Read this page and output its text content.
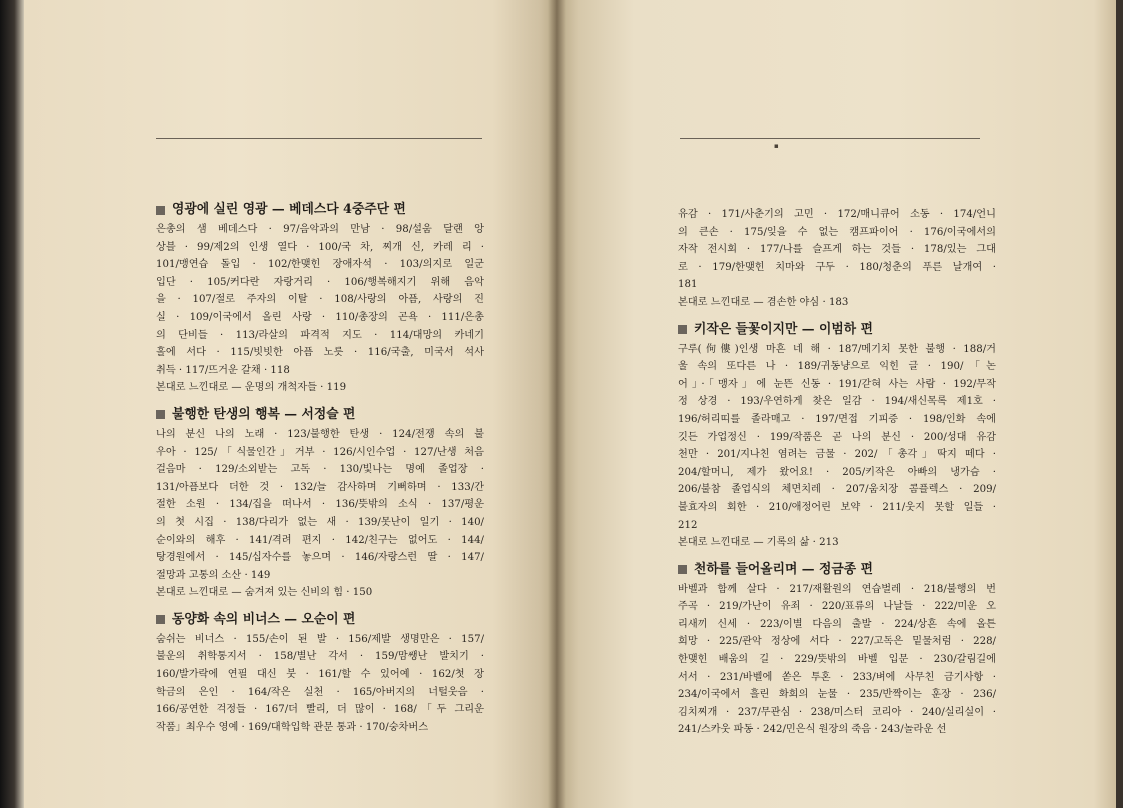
영광에 실린 영광 — 베데스다 4중주단 편
은총의 샘 베데스다 · 97/음악과의 만남 · 98/설움 달랜 앙
상블 · 99/제2의 인생 열다 · 100/국 차, 찌개 신, 카레 리 ·
101/맹연습 돌입 · 102/한맺힌 장애자석 · 103/의지로 일군
입단 · 105/커다란 자랑거리 · 106/행복해지기 위해 음악
을 · 107/절로 주자의 이탈 · 108/사랑의 아픔, 사랑의 진
실 · 109/이국에서 올린 사랑 · 110/총장의 곤욕 · 111/은총
의 단비들 · 113/라살의 파격적 지도 · 114/대망의 카네기
홀에 서다 · 115/빗빗한 아픔 노릇 · 116/국출, 미국서 석사
취득 · 117/뜨거운 갈채 · 118
본대로 느낀대로 — 운명의 개척자들 · 119
불행한 탄생의 행복 — 서정슬 편
나의 분신 나의 노래 · 123/불행한 탄생 · 124/전쟁 속의 불
우아 · 125/「식물인간」거부 · 126/시인수업 · 127/난생 처음
걸음마 · 129/소외받는 고독 · 130/빛나는 명예 졸업장 ·
131/아픔보다 더한 것 · 132/늘 감사하며 기뻐하며 · 133/간
절한 소원 · 134/집을 떠나서 · 136/뜻밖의 소식 · 137/평운
의 첫 시집 · 138/다리가 없는 새 · 139/못난이 일기 · 140/
순이와의 해후 · 141/격려 편지 · 142/친구는 없어도 · 144/
탕경원에서 · 145/십자수를 놓으며 · 146/자랑스런 딸 · 147/
절망과 고통의 소산 · 149
본대로 느낀대로 — 숨겨져 있는 신비의 힘 · 150
동양화 속의 비너스 — 오순이 편
숨쉬는 비너스 · 155/손이 된 발 · 156/제발 생명만은 · 157/
불운의 취학통지서 · 158/별난 각서 · 159/맘쌩난 발치기 ·
160/발가락에 연필 대신 붓 · 161/할 수 있어예 · 162/첫 장
학금의 은인 · 164/작은 실천 · 165/아버지의 너털웃음 ·
166/공연한 걱정들 · 167/더 빨리, 더 많이 · 168/「두 그리운
작품」최우수 영예 · 169/대학입학 관문 통과 · 170/숭차버스
▪
유감 · 171/사춘기의 고민 · 172/매니큐어 소동 · 174/언니
의 큰손 · 175/잊을 수 없는 캠프파이어 · 176/이국에서의
자작 전시회 · 177/나를 슬프게 하는 것들 · 178/있는 그대
로 · 179/한맺힌 치마와 구두 · 180/청춘의 푸른 날개여 ·
181
본대로 느낀대로 — 겸손한 야심 · 183
키작은 들꽃이지만 — 이범하 편
구루(佝僂)인생 마흔 네 해 · 187/메기치 못한 불행 · 188/거
울 속의 또다른 나 · 189/귀동냥으로 익힌 글 · 190/「논
어」·「맹자」에 눈뜬 신동 · 191/갇혀 사는 사람 · 192/무작
정 상경 · 193/우연하게 찾은 일감 · 194/새신목록 제1호 ·
196/허리띠를 졸라매고 · 197/면접 기피증 · 198/인화 속에
깃든 가업정신 · 199/작품은 곧 나의 분신 · 200/성대 유감
천만 · 201/지나친 염려는 금물 · 202/「총각」딱지 떼다 ·
204/할머니, 제가 왔어요! · 205/키작은 아빠의 냉가슴 ·
206/불참 졸업식의 체면치레 · 207/움치장 콤플렉스 · 209/
불효자의 회한 · 210/애정어린 보약 · 211/웃지 못할 일들 ·
212
본대로 느낀대로 — 기록의 삶 · 213
천하를 들어올리며 — 정금종 편
바벨과 함께 살다 · 217/재활원의 연습벌레 · 218/불행의 번
주곡 · 219/가난이 유죄 · 220/표류의 나날들 · 222/미운 오
리새끼 신세 · 223/이별 다음의 출발 · 224/상흔 속에 올튼
희망 · 225/관악 정상에 서다 · 227/고독은 밑물처럼 · 228/
한맺힌 배움의 길 · 229/뜻밖의 바벨 입문 · 230/갈림길에
서서 · 231/바벨에 쏟은 투혼 · 233/벼에 사무친 금기사항 ·
234/이국에서 흘린 화희의 눈물 · 235/반짝이는 훈장 · 236/
김치찌개 · 237/무관심 · 238/미스터 코리아 · 240/실리실이 ·
241/스카웃 파동 · 242/민은식 원장의 죽음 · 243/놀라운 선
